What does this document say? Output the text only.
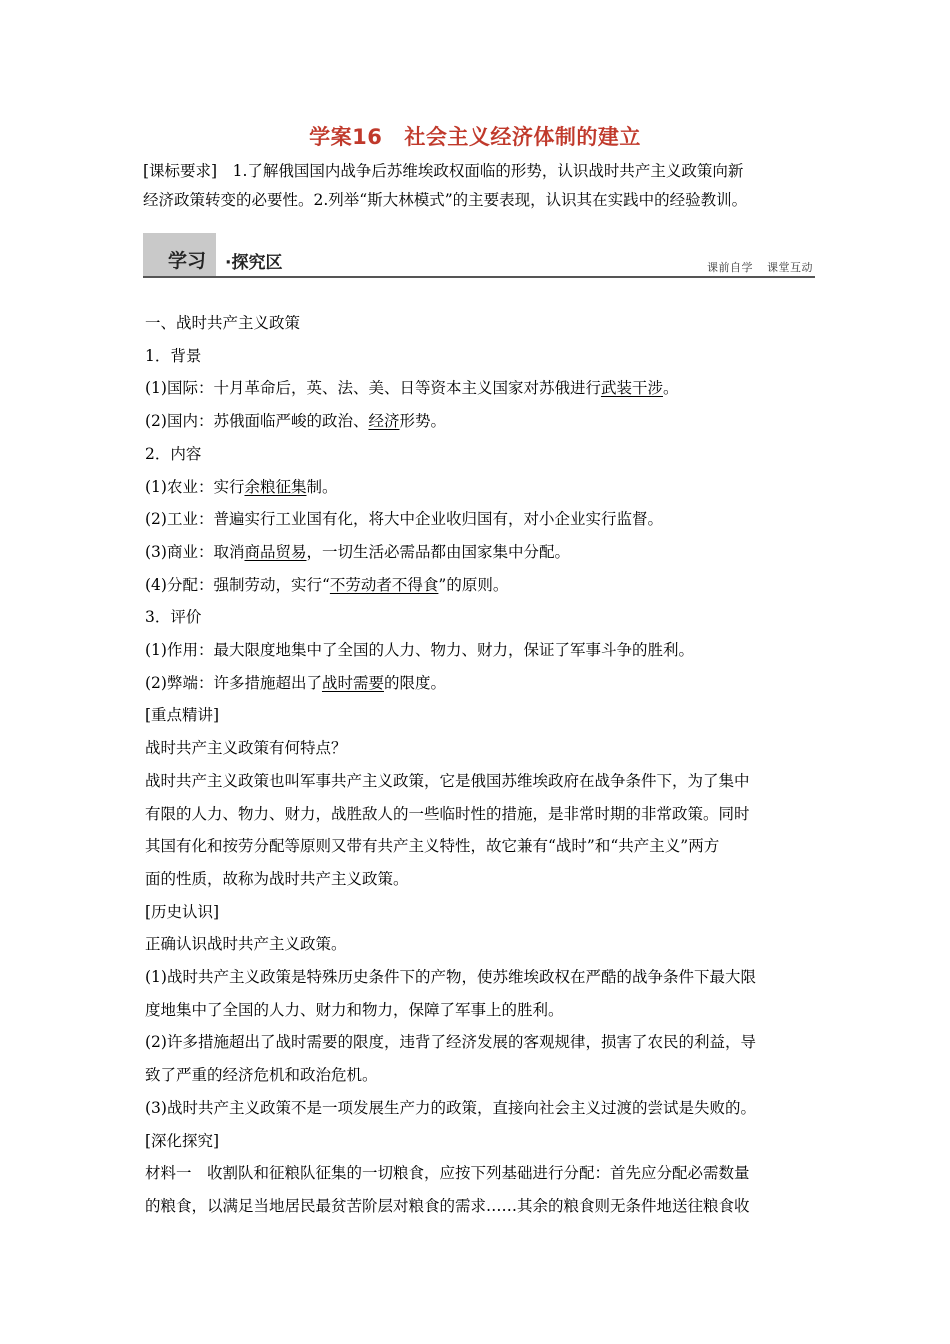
学案16 社会主义经济体制的建立
[课标要求]　1.了解俄国国内战争后苏维埃政权面临的形势，认识战时共产主义政策向新
经济政策转变的必要性。2.列举“斯大林模式”的主要表现，认识其在实践中的经验教训。
学习 ·探究区	课前自学 课堂互动
一、战时共产主义政策
1．背景
(1)国际：十月革命后，英、法、美、日等资本主义国家对苏俄进行武装干涉。
(2)国内：苏俄面临严峻的政治、经济形势。
2．内容
(1)农业：实行余粮征集制。
(2)工业：普遍实行工业国有化，将大中企业收归国有，对小企业实行监督。
(3)商业：取消商品贸易，一切生活必需品都由国家集中分配。
(4)分配：强制劳动，实行“不劳动者不得食”的原则。
3．评价
(1)作用：最大限度地集中了全国的人力、物力、财力，保证了军事斗争的胜利。
(2)弊端：许多措施超出了战时需要的限度。
[重点精讲]
战时共产主义政策有何特点？
战时共产主义政策也叫军事共产主义政策，它是俄国苏维埃政府在战争条件下，为了集中
有限的人力、物力、财力，战胜敌人的一些临时性的措施，是非常时期的非常政策。同时
其国有化和按劳分配等原则又带有共产主义特性，故它兼有“战时”和“共产主义”两方
面的性质，故称为战时共产主义政策。
[历史认识]
正确认识战时共产主义政策。
(1)战时共产主义政策是特殊历史条件下的产物，使苏维埃政权在严酷的战争条件下最大限
度地集中了全国的人力、财力和物力，保障了军事上的胜利。
(2)许多措施超出了战时需要的限度，违背了经济发展的客观规律，损害了农民的利益，导
致了严重的经济危机和政治危机。
(3)战时共产主义政策不是一项发展生产力的政策，直接向社会主义过渡的尝试是失败的。
[深化探究]
材料一　收割队和征粮队征集的一切粮食，应按下列基础进行分配：首先应分配必需数量
的粮食，以满足当地居民最贫苦阶层对粮食的需求……其余的粮食则无条件地送往粮食收
